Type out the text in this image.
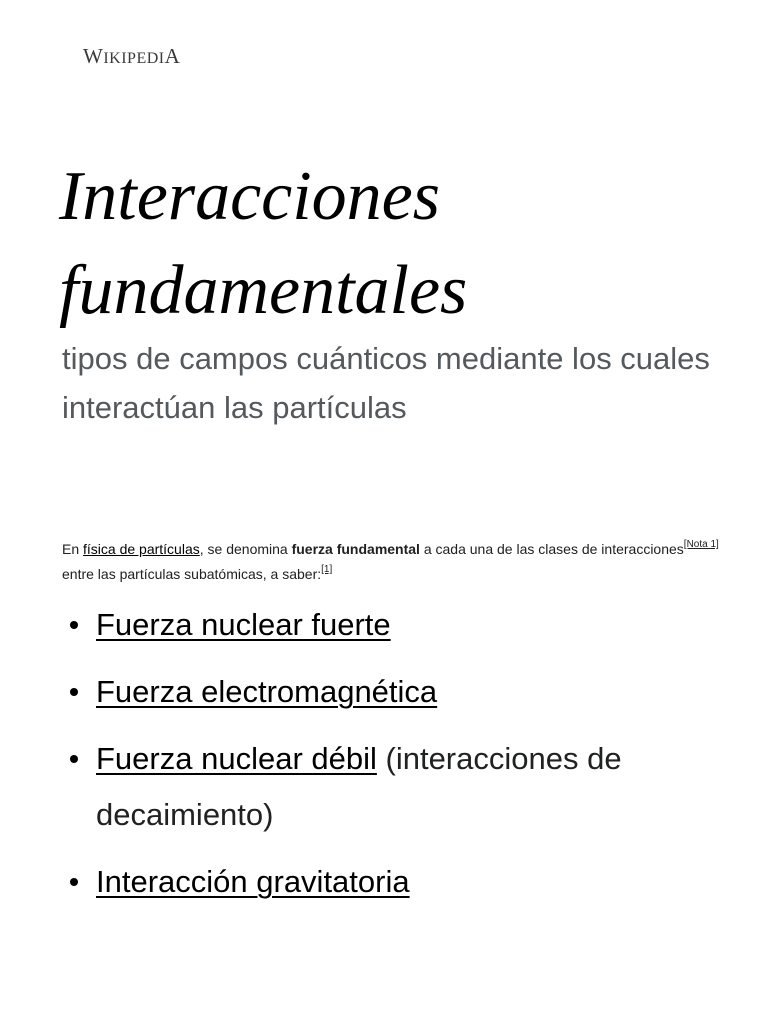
WIKIPEDIA
Interacciones fundamentales

tipos de campos cuánticos mediante los cuales interactúan las partículas

En física de partículas, se denomina fuerza fundamental a cada una de las clases de interacciones[Nota 1] entre las partículas subatómicas, a saber:[1]

Fuerza nuclear fuerte
Fuerza electromagnética
Fuerza nuclear débil (interacciones de decaimiento)
Interacción gravitatoria
